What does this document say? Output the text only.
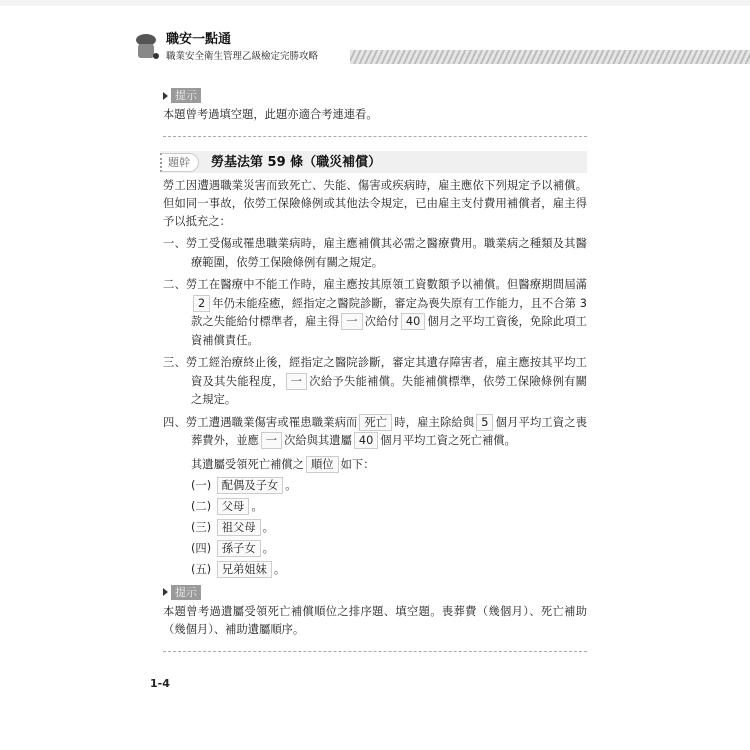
職安一點通
職業安全衛生管理乙級檢定完勝攻略
提示

本題曾考過填空題，此題亦適合考連連看。

題幹	勞基法第 59 條（職災補償）

勞工因遭遇職業災害而致死亡、失能、傷害或疾病時，雇主應依下列規定予以補償。但如同一事故，依勞工保險條例或其他法令規定，已由雇主支付費用補償者，雇主得予以抵充之：

一、勞工受傷或罹患職業病時，雇主應補償其必需之醫療費用。職業病之種類及其醫療範圍，依勞工保險條例有關之規定。
二、勞工在醫療中不能工作時，雇主應按其原領工資數額予以補償。但醫療期間屆滿2 年仍未能痊癒，經指定之醫院診斷，審定為喪失原有工作能力，且不合第 3 款之失能給付標準者，雇主得 一 次給付 40 個月之平均工資後，免除此項工資補償責任。
三、勞工經治療終止後，經指定之醫院診斷，審定其遺存障害者，雇主應按其平均工資及其失能程度， 一 次給予失能補償。失能補償標準，依勞工保險條例有關之規定。
四、勞工遭遇職業傷害或罹患職業病而 死亡 時，雇主除給與 5 個月平均工資之喪葬費外，並應 一 次給與其遺屬 40 個月平均工資之死亡補償。
其遺屬受領死亡補償之 順位 如下：
(一) 配偶及子女 。
(二) 父母 。
(三) 祖父母 。
(四) 孫子女 。
(五) 兄弟姐妹 。
提示

本題曾考過遺屬受領死亡補償順位之排序題、填空題。喪葬費（幾個月）、死亡補助（幾個月）、補助遺屬順序。

1-4
